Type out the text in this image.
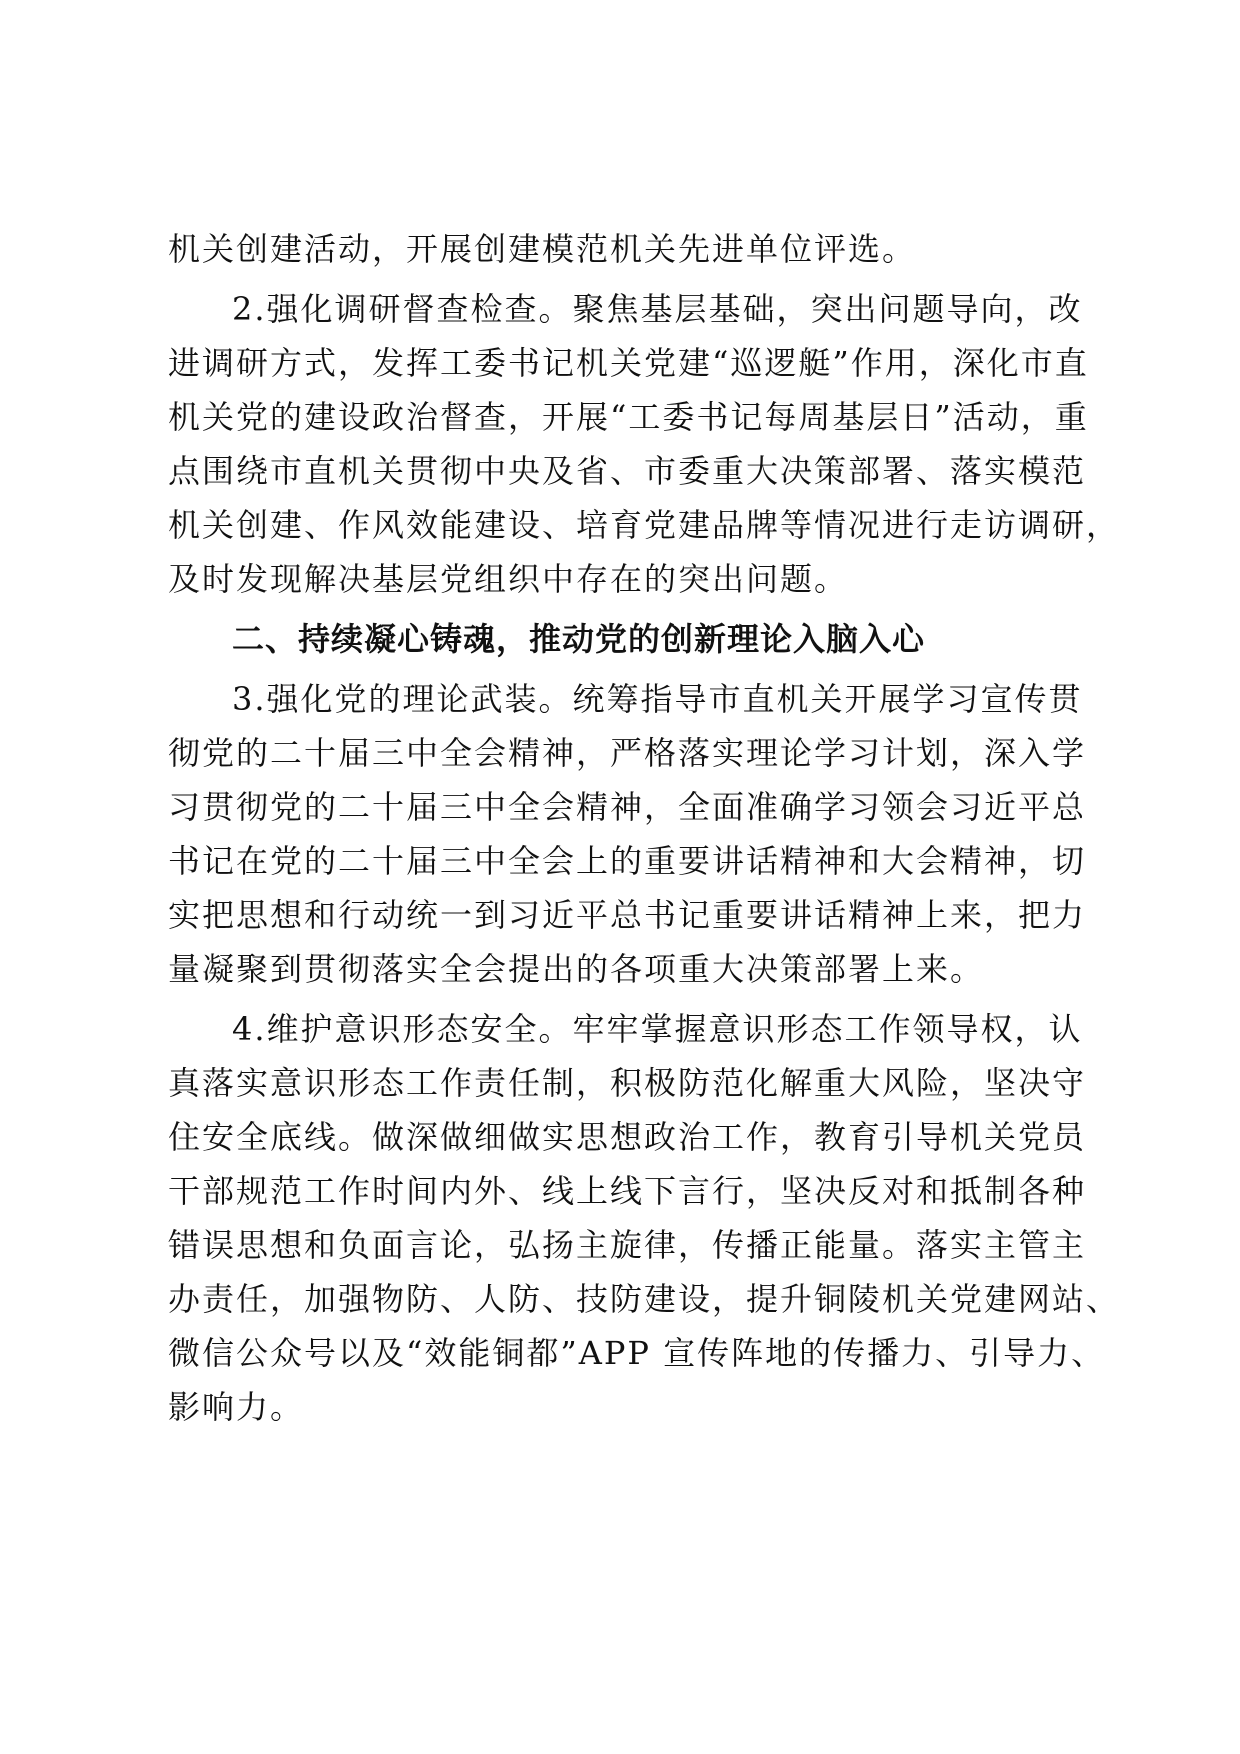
机关创建活动，开展创建模范机关先进单位评选。
2.强化调研督查检查。聚焦基层基础，突出问题导向，改
进调研方式，发挥工委书记机关党建“巡逻艇”作用，深化市直
机关党的建设政治督查，开展“工委书记每周基层日”活动，重
点围绕市直机关贯彻中央及省、市委重大决策部署、落实模范
机关创建、作风效能建设、培育党建品牌等情况进行走访调研，
及时发现解决基层党组织中存在的突出问题。
二、持续凝心铸魂，推动党的创新理论入脑入心
3.强化党的理论武装。统筹指导市直机关开展学习宣传贯
彻党的二十届三中全会精神，严格落实理论学习计划，深入学
习贯彻党的二十届三中全会精神，全面准确学习领会习近平总
书记在党的二十届三中全会上的重要讲话精神和大会精神，切
实把思想和行动统一到习近平总书记重要讲话精神上来，把力
量凝聚到贯彻落实全会提出的各项重大决策部署上来。
4.维护意识形态安全。牢牢掌握意识形态工作领导权，认
真落实意识形态工作责任制，积极防范化解重大风险，坚决守
住安全底线。做深做细做实思想政治工作，教育引导机关党员
干部规范工作时间内外、线上线下言行，坚决反对和抵制各种
错误思想和负面言论，弘扬主旋律，传播正能量。落实主管主
办责任，加强物防、人防、技防建设，提升铜陵机关党建网站、
微信公众号以及“效能铜都”APP 宣传阵地的传播力、引导力、
影响力。
